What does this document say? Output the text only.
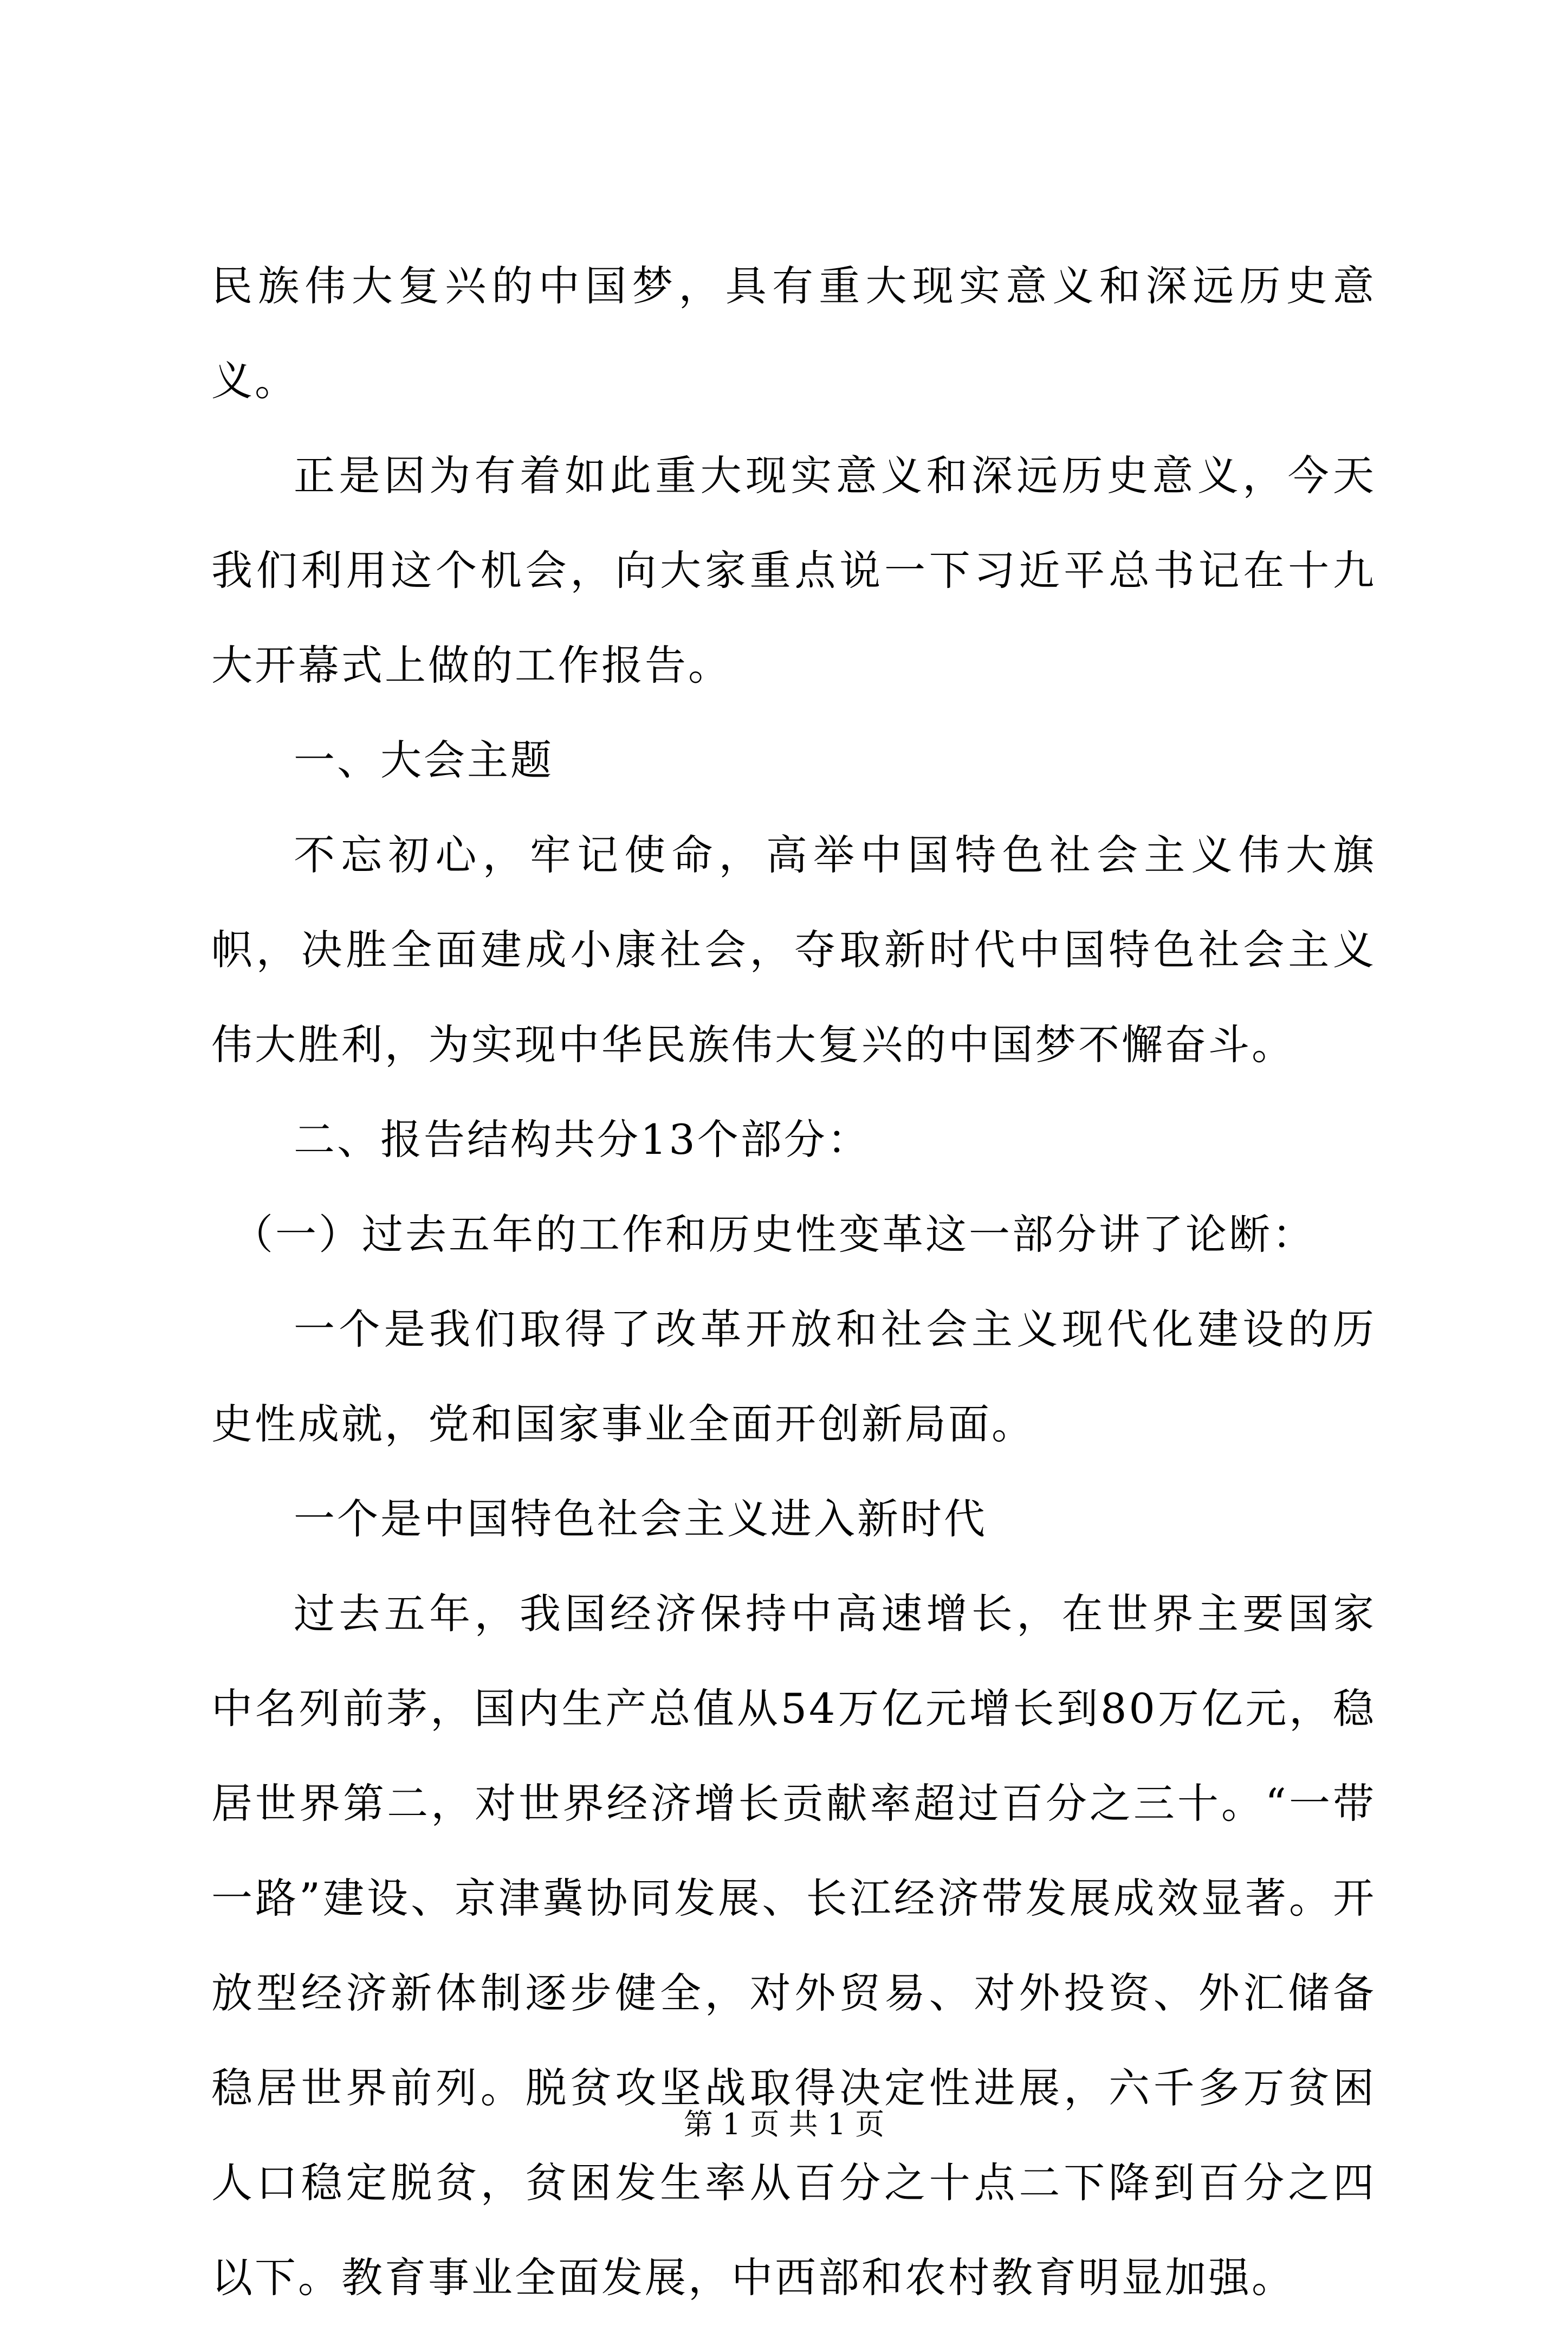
民族伟大复兴的中国梦，具有重大现实意义和深远历史意义。

正是因为有着如此重大现实意义和深远历史意义，今天我们利用这个机会，向大家重点说一下习近平总书记在十九大开幕式上做的工作报告。

一、大会主题

不忘初心，牢记使命，高举中国特色社会主义伟大旗帜，决胜全面建成小康社会，夺取新时代中国特色社会主义伟大胜利，为实现中华民族伟大复兴的中国梦不懈奋斗。

二、报告结构共分13个部分：

（一）过去五年的工作和历史性变革这一部分讲了论断：

一个是我们取得了改革开放和社会主义现代化建设的历史性成就，党和国家事业全面开创新局面。

一个是中国特色社会主义进入新时代

过去五年，我国经济保持中高速增长，在世界主要国家中名列前茅，国内生产总值从54万亿元增长到80万亿元，稳居世界第二，对世界经济增长贡献率超过百分之三十。“一带一路”建设、京津冀协同发展、长江经济带发展成效显著。开放型经济新体制逐步健全，对外贸易、对外投资、外汇储备稳居世界前列。脱贫攻坚战取得决定性进展，六千多万贫困人口稳定脱贫，贫困发生率从百分之十点二下降到百分之四以下。教育事业全面发展，中西部和农村教育明显加强。

第 1 页 共 1 页
